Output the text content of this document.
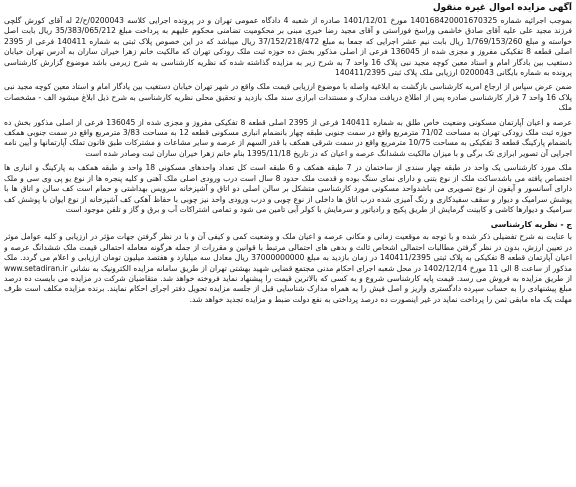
آگهی مزایده اموال غیره منقول

بموجب اجرائیه شماره 140168420001670325 مورخ 1401/12/01 صادره از شعبه 4 دادگاه عمومی تهران و در پرونده اجرایی کلاسه 0200043/ح/2 له آقای کورش گلچی فرزند مجید علی علیه آقای صادق خاشمی وراسخ فوراستی و آقای مجید رضا خیری مبنی بر محکومیت تضامنی محکوم علیهم به پرداخت مبلغ 35/383/065/212 ریال بابت اصل خواسته و مبلغ 1/769/153/260 ریال بابت نیم عشر اجرایی که جمعا به مبلغ 37/152/218/472 ریال میباشد که در این خصوص پلاک ثبتی به شماره 140411 فرعی از 2395 اصلی قطعه 8 تفکیکی مفروز و مجزی شده از 136045 فرعی از اصلی مذکور بخش ده حوزه ثبت ملک رودکی تهران که مالکیت خانم زهرا خیران ساران به آدرس تهران خیابان دستغیب بین بادگار امام و استاد معین کوچه مجید نبی پلاک 16 واحد 7 به شرح زیر به مزایده گذاشته شده که نظریه کارشناسی به شرح زیرمی باشد موضوع گزارش کارشناسی پرونده به شماره بایگانی 0200043 ارزیابی ملک پلاک ثبتی 140411/2395

ضمن عرض سپاس از ارجاع امریه کارشناسی بازگشت به ابلاغیه واصله با موضوع ارزیابی قیمت ملک واقع در شهر تهران خیابان دستغیب بین یادگار امام و استاد معین کوچه مجید نبی پلاک 16 واحد 7 قرار کارشناسی صادره پس از اطلاع دریافت مدارک و مستندات ابرازی سند ملک بازدید و تحقیق محلی نظریه کارشناسی به شرح ذیل ابلاغ میشود الف - مشخصات ملک

عرصه و اعیان آپارتمان مسکونی وضعیت خاص طلق به شماره 140411 فرعی از 2395 اصلی قطعه 8 تفکیکی مفروز و مجزی شده از 136045 فرعی از اصلی مذکور بخش ده حوزه ثبت ملک رودکی تهران به مساحت 71/02 مترمربع واقع در سمت جنوبی طبقه چهار بانضمام انباری مسکونی قطعه 12 به مساحت 3/83 مترمربع واقع در سمت جنوبی همکف بانضمام پارکینگ قطعه 3 تفکیکی به مساحت 10/75 مترمربع واقع در سمت شرقی همکف با قدر السهم از عرصه و سایر مشاعات و مشترکات طبق قانون تملک آپارتمانها و آیین نامه اجرایی آن تصویر ابرازی تک برگی و با میزان مالکیت ششدانگ عرصه و اعیان که در تاریخ 1395/11/18 بنام خانم زهرا خیران ساران ثبت وصادر شده است

ملک مورد کارشناسی یک واحد در طبقه چهار سندی از ساختمان در 7 طبقه همکف و 6 طبقه است کل تعداد واحدهای مسکونی 18 واحد و طبقه همکف به پارکینگ و انباری ها اختصاص یافته می باشدساکت ملک از نوع بتنی و دارای نمای سنگ بوده و قدمت ملک حدود 8 سال است درب ورودی اصلی ملک آهنی و کلیه پنجره ها از نوع یو پی وی سی و ملک دارای آسانسور و آیفون از نوع تصویری می باشدواحد مسکونی مورد کارشناسی متشکل بر سالن اصلی دو اتاق و آشپزخانه سرویس بهداشتی و حمام است کف سالن و اتاق ها با پوشش سرامیک و دیوار و سقف سفیدکاری و رنگ آمیزی شده درب اتاق ها داخلی از نوع چوبی و درب ورودی واحد نیز چوبی با حفاظ آهکی کف آشپزخانه از نوع ایوان با پوشش کف سرامیک و دیوارها کاشی و کابینت گرمایش از طریق پکیج و رادیاتور و سرمایش با کولر آبی تامین می شود و تمامی اشتراکات آب و برق و گاز و تلفن موجود است

ج - نظریه کارشناسی

با عنایت به شرح تفضیلی ذکر شده و با توجه به موقعیت زمانی و مکانی عرصه و اعیان ملک و وضعیت کمی و کیفی آن و با در نظر گرفتن جهات مؤثر در ارزیابی و کلیه عوامل موثر در تعیین ارزش، بدون در نظر گرفتن مطالبات احتمالی اشخاص ثالث و بدهی های احتمالی مرتبط با قوانین و مقررات از جمله هرگونه معامله احتمالی قیمت ملک ششدانگ عرصه و اعیان آپارتمان قطعه 8 تفکیکی به پلاک ثبتی 140411/2395 در زمان بازدید به مبلغ 37000000000 ریال معادل سه میلیارد و هفتصد میلیون تومان ارزیابی و اعلام می گردد. ملک مذکور از ساعت 8 الی 11 مورخ 1402/12/14 در محل شعبه اجرای احکام مدنی مجتمع قضایی شهید بهشتی تهران از طریق سامانه مزایده الکترونیک به نشانی www.setadiran.ir از طریق مزایده به فروش می رسد. قیمت پایه کارشناسی شروع و به کسی که بالاترین قیمت را پیشنهاد نماید فروخته خواهد شد. متقاضیان شرکت در مزایده می بایست ده درصد مبلغ پیشنهادی را به حساب سپرده دادگستری واریز و اصل فیش را به همراه مدارک شناسایی قبل از جلسه مزایده تحویل دفتر اجرای احکام نمایند. برنده مزایده مکلف است ظرف مهلت یک ماه مابقی ثمن را پرداخت نماید در غیر اینصورت ده درصد پرداختی به نفع دولت ضبط و مزایده تجدید خواهد شد.
